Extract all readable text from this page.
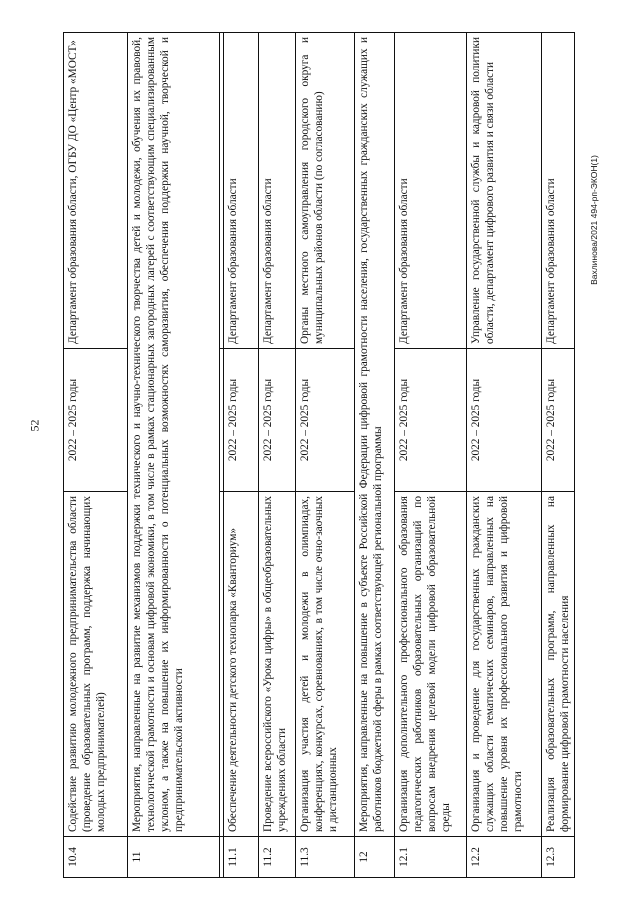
52
Вахлинова/2021 494-рп-ЭКОН(1)
10.4	Содействие развитию молодежного предпринимательства области (проведение образовательных программ, поддержка начинающих молодых предпринимателей)	2022 – 2025 годы	Департамент образования области, ОГБУ ДО «Центр «МОСТ»
11	Мероприятия, направленные на развитие механизмов поддержки технического и научно-технического творчества детей и молодежи, обучения их правовой, технологической грамотности и основам цифровой экономики, в том числе в рамках стационарных загородных лагерей с соответствующим специализированным уклоном, а также на повышение их информированности о потенциальных возможностях саморазвития, обеспечения поддержки научной, творческой и предпринимательской активности		

11.1	Обеспечение деятельности детского технопарка «Кванториум»	2022 – 2025 годы	Департамент образования области
11.2	Проведение всероссийского «Урока цифры» в общеобразовательных учреждениях области	2022 – 2025 годы	Департамент образования области
11.3	Организация участия детей и молодежи в олимпиадах, конференциях, конкурсах, соревнованиях, в том числе очно-заочных и дистанционных	2022 – 2025 годы	Органы местного самоуправления городского округа и муниципальных районов области (по согласованию)
12	Мероприятия, направленные на повышение в субъекте Российской Федерации цифровой грамотности населения, государственных гражданских служащих и работников бюджетной сферы в рамках соответствующей региональной программы		
12.1	Организация дополнительного профессионального образования педагогических работников образовательных организаций по вопросам внедрения целевой модели цифровой образовательной среды	2022 – 2025 годы	Департамент образования области
12.2	Организация и проведение для государственных гражданских служащих области тематических семинаров, направленных на повышение уровня их профессионального развития и цифровой грамотности	2022 – 2025 годы	Управление государственной службы и кадровой политики области, департамент цифрового развития и связи области
12.3	Реализация образовательных программ, направленных на формирование цифровой грамотности населения	2022 – 2025 годы	Департамент образования области
